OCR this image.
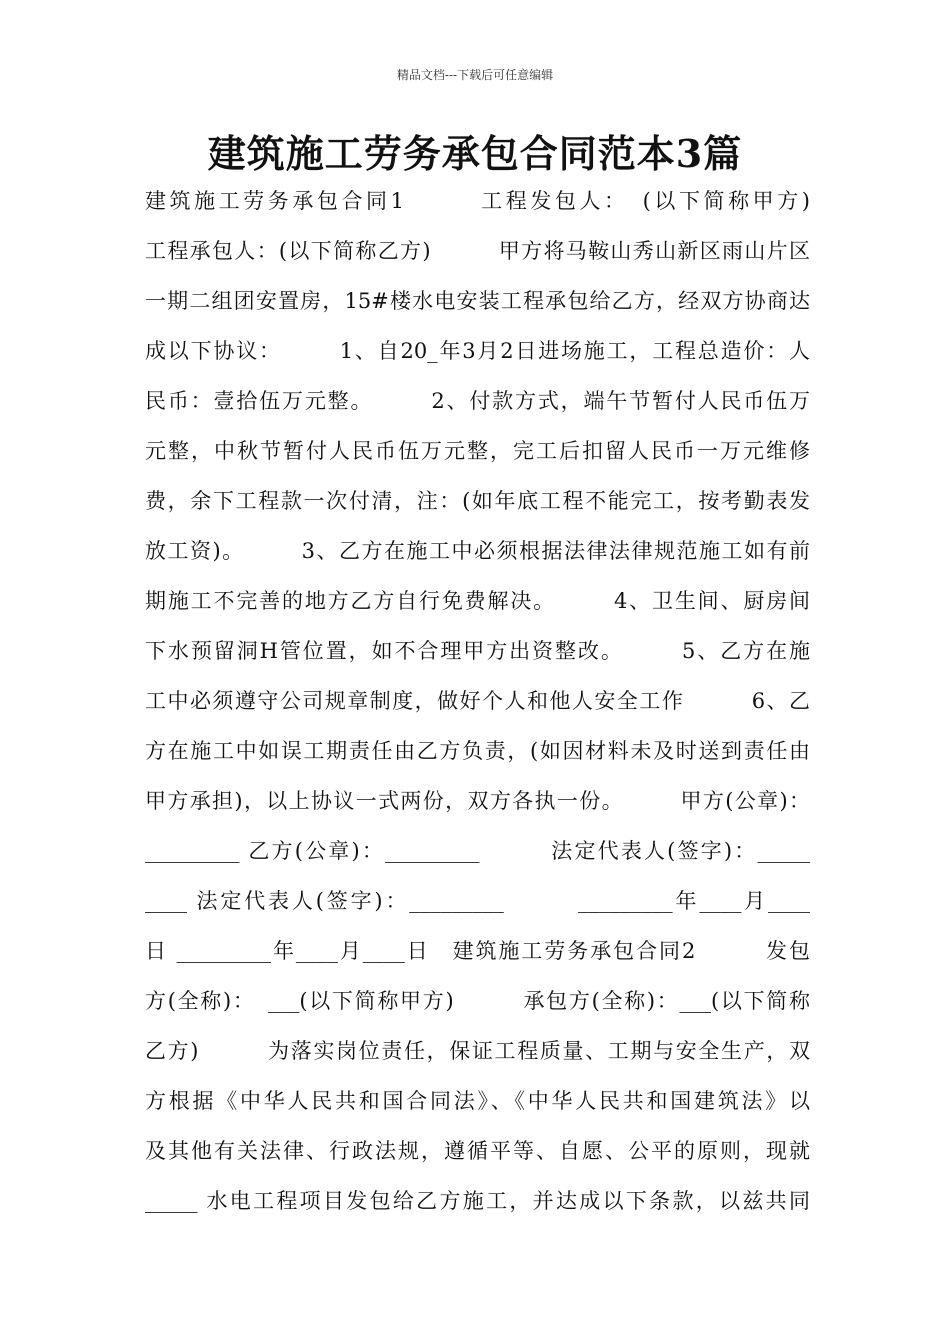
精品文档---下载后可任意编辑
建筑施工劳务承包合同范本3篇
建筑施工劳务承包合同1　　　工程发包人：　(以下简称甲方)
工程承包人：(以下简称乙方)　　　甲方将马鞍山秀山新区雨山片区
一期二组团安置房，15#楼水电安装工程承包给乙方，经双方协商达
成以下协议：　　　1、自20_年3月2日进场施工，工程总造价：人
民币：壹拾伍万元整。　　　2、付款方式，端午节暂付人民币伍万
元整，中秋节暂付人民币伍万元整，完工后扣留人民币一万元维修
费，余下工程款一次付清，注：(如年底工程不能完工，按考勤表发
放工资)。　　　3、乙方在施工中必须根据法律法律规范施工如有前
期施工不完善的地方乙方自行免费解决。　　　4、卫生间、厨房间
下水预留洞H管位置，如不合理甲方出资整改。　　　5、乙方在施
工中必须遵守公司规章制度，做好个人和他人安全工作　　　6、乙
方在施工中如误工期责任由乙方负责，(如因材料未及时送到责任由
甲方承担)，以上协议一式两份，双方各执一份。　　　甲方(公章)：
_________ 乙方(公章)：_________　　　法定代表人(签字)：_____
____ 法定代表人(签字)：_________　　　_________年____月____
日 _________年____月____日　建筑施工劳务承包合同2　　　发包
方(全称)：　___(以下简称甲方)　　　承包方(全称)：___(以下简称
乙方)　　　为落实岗位责任，保证工程质量、工期与安全生产，双
方根据《中华人民共和国合同法》、《中华人民共和国建筑法》以
及其他有关法律、行政法规，遵循平等、自愿、公平的原则，现就
_____ 水电工程项目发包给乙方施工，并达成以下条款，以兹共同
